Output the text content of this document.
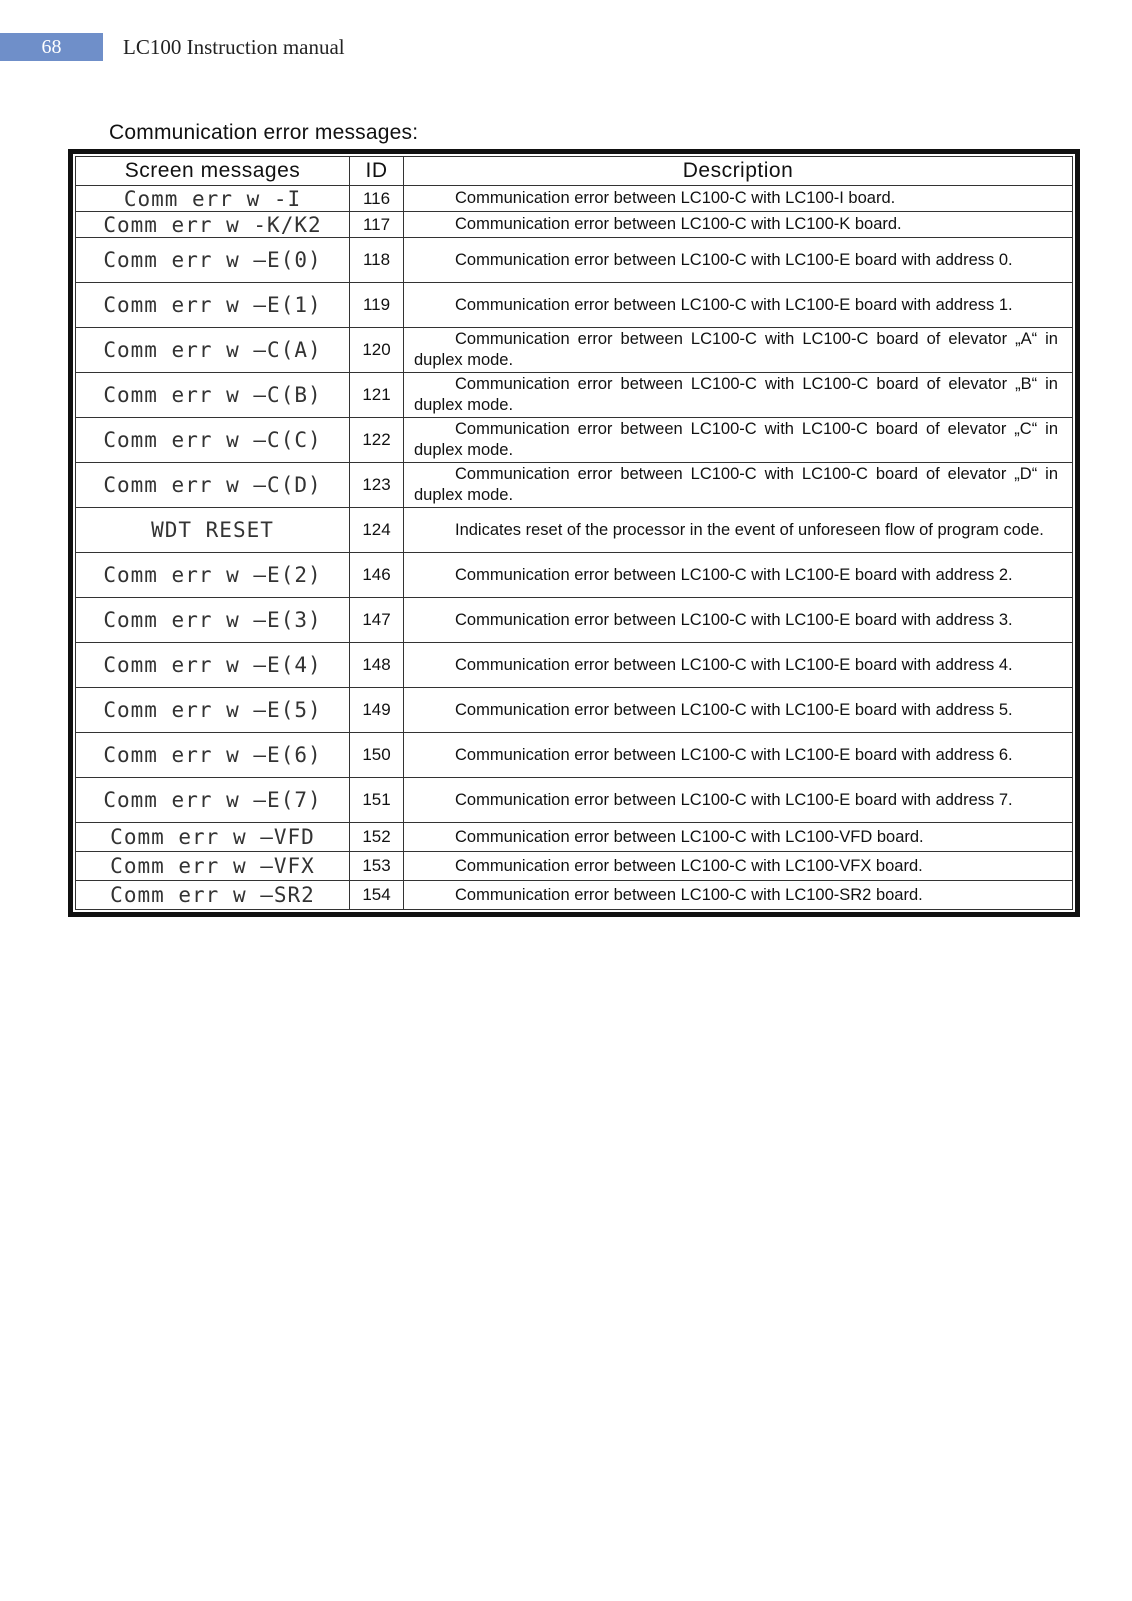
68	LC100 Instruction manual
Communication error messages:
Screen messages	ID	Description
Comm err w -I	116	Communication error between LC100-C with LC100-I board.
Comm err w -K/K2	117	Communication error between LC100-C with LC100-K board.
Comm err w –E(0)	118	Communication error between LC100-C with LC100-E board with address 0.
Comm err w –E(1)	119	Communication error between LC100-C with LC100-E board with address 1.
Comm err w –C(A)	120	Communication error between LC100-C with LC100-C board of elevator „A“ in duplex mode.
Comm err w –C(B)	121	Communication error between LC100-C with LC100-C board of elevator „B“ in duplex mode.
Comm err w –C(C)	122	Communication error between LC100-C with LC100-C board of elevator „C“ in duplex mode.
Comm err w –C(D)	123	Communication error between LC100-C with LC100-C board of elevator „D“ in duplex mode.
WDT RESET	124	Indicates reset of the processor in the event of unforeseen flow of program code.
Comm err w –E(2)	146	Communication error between LC100-C with LC100-E board with address 2.
Comm err w –E(3)	147	Communication error between LC100-C with LC100-E board with address 3.
Comm err w –E(4)	148	Communication error between LC100-C with LC100-E board with address 4.
Comm err w –E(5)	149	Communication error between LC100-C with LC100-E board with address 5.
Comm err w –E(6)	150	Communication error between LC100-C with LC100-E board with address 6.
Comm err w –E(7)	151	Communication error between LC100-C with LC100-E board with address 7.
Comm err w –VFD	152	Communication error between LC100-C with LC100-VFD board.
Comm err w –VFX	153	Communication error between LC100-C with LC100-VFX board.
Comm err w –SR2	154	Communication error between LC100-C with LC100-SR2 board.
